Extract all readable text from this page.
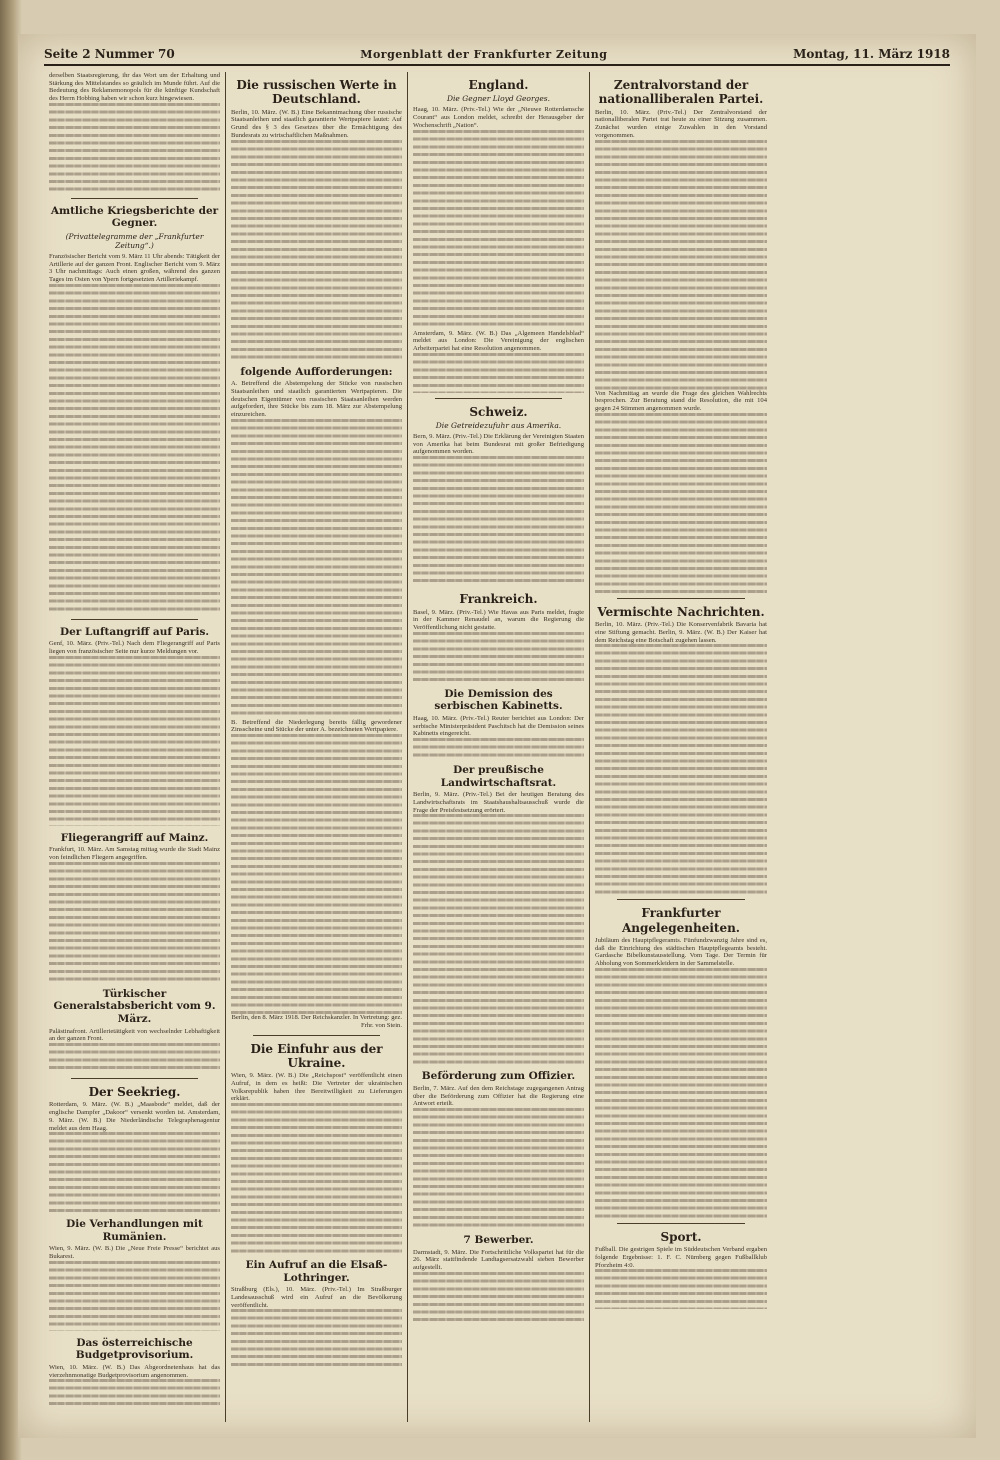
Seite 2 Nummer 70	Morgenblatt der Frankfurter Zeitung	Montag, 11. März 1918
derselben Staatsregierung, ihr das Wort um der Erhaltung und Stärkung des Mittelstandes so gräulich im Munde führt. Auf die Bedeutung des Reklamemonopols für die künftige Kundschaft des Herrn Hobbing haben wir schon kurz hingewiesen.
Amtliche Kriegsberichte der Gegner.
(Privattelegramme der „Frankfurter Zeitung“.)
Französischer Bericht vom 9. März 11 Uhr abends: Tätigkeit der Artillerie auf der ganzen Front. Englischer Bericht vom 9. März 3 Uhr nachmittags: Auch einen großen, während des ganzen Tages im Osten von Ypern fortgesetzten Artilleriekampf.
Der Luftangriff auf Paris.
Genf, 10. März. (Priv.-Tel.) Nach dem Fliegerangriff auf Paris liegen von französischer Seite nur kurze Meldungen vor.
Fliegerangriff auf Mainz.
Frankfurt, 10. März. Am Samstag mittag wurde die Stadt Mainz von feindlichen Fliegern angegriffen.
Türkischer Generalstabsbericht vom 9. März.
Palästinafront. Artillerietätigkeit von wechselnder Lebhaftigkeit an der ganzen Front.
Der Seekrieg.
Rotterdam, 9. März. (W. B.) „Maasbode“ meldet, daß der englische Dampfer „Dakoor“ versenkt worden ist. Amsterdam, 9. März. (W. B.) Die Niederländische Telegraphenagentur meldet aus dem Haag.
Die Verhandlungen mit Rumänien.
Wien, 9. März. (W. B.) Die „Neue Freie Presse“ berichtet aus Bukarest.
Das österreichische Budgetprovisorium.
Wien, 10. März. (W. B.) Das Abgeordnetenhaus hat das vierzehnmonatige Budgetprovisorium angenommen.
Die russischen Werte in Deutschland.
Berlin, 10. März. (W. B.) Eine Bekanntmachung über russische Staatsanleihen und staatlich garantierte Wertpapiere lautet: Auf Grund des § 3 des Gesetzes über die Ermächtigung des Bundesrats zu wirtschaftlichen Maßnahmen.
folgende Aufforderungen:
A. Betreffend die Abstempelung der Stücke von russischen Staatsanleihen und staatlich garantierten Wertpapieren. Die deutschen Eigentümer von russischen Staatsanleihen werden aufgefordert, ihre Stücke bis zum 18. März zur Abstempelung einzureichen.
B. Betreffend die Niederlegung bereits fällig gewordener Zinsscheine und Stücke der unter A. bezeichneten Wertpapiere.
Berlin, den 8. März 1918. Der Reichskanzler. In Vertretung: gez. Frhr. von Stein.
Die Einfuhr aus der Ukraine.
Wien, 9. März. (W. B.) Die „Reichspost“ veröffentlicht einen Aufruf, in dem es heißt: Die Vertreter der ukrainischen Volksrepublik haben ihre Bereitwilligkeit zu Lieferungen erklärt.
Ein Aufruf an die Elsaß-Lothringer.
Straßburg (Els.), 10. März. (Priv.-Tel.) Im Straßburger Landesausschuß wird ein Aufruf an die Bevölkerung veröffentlicht.
England.
Die Gegner Lloyd Georges.
Haag, 10. März. (Priv.-Tel.) Wie der „Nieuwe Rotterdamsche Courant“ aus London meldet, schreibt der Herausgeber der Wochenschrift „Nation“.
Amsterdam, 9. März. (W. B.) Das „Algemeen Handelsblad“ meldet aus London: Die Vereinigung der englischen Arbeiterpartei hat eine Resolution angenommen.
Schweiz.
Die Getreidezufuhr aus Amerika.
Bern, 9. März. (Priv.-Tel.) Die Erklärung der Vereinigten Staaten von Amerika hat beim Bundesrat mit großer Befriedigung aufgenommen worden.
Frankreich.
Basel, 9. März. (Priv.-Tel.) Wie Havas aus Paris meldet, fragte in der Kammer Renaudel an, warum die Regierung die Veröffentlichung nicht gestatte.
Die Demission des serbischen Kabinetts.
Haag, 10. März. (Priv.-Tel.) Reuter berichtet aus London: Der serbische Ministerpräsident Paschitsch hat die Demission seines Kabinetts eingereicht.
Der preußische Landwirtschaftsrat.
Berlin, 9. März. (Priv.-Tel.) Bei der heutigen Beratung des Landwirtschaftsrats im Staatshaushaltsausschuß wurde die Frage der Preisfestsetzung erörtert.
Beförderung zum Offizier.
Berlin, 7. März. Auf den dem Reichstage zugegangenen Antrag über die Beförderung zum Offizier hat die Regierung eine Antwort erteilt.
7 Bewerber.
Darmstadt, 9. März. Die Fortschrittliche Volkspartei hat für die 26. März stattfindende Landtagsersatzwahl sieben Bewerber aufgestellt.
Zentralvorstand der nationalliberalen Partei.
Berlin, 10. März. (Priv.-Tel.) Der Zentralvorstand der nationalliberalen Partei trat heute zu einer Sitzung zusammen. Zunächst wurden einige Zuwahlen in den Vorstand vorgenommen.
Von Nachmittag an wurde die Frage des gleichen Wahlrechts besprochen. Zur Beratung stand die Resolution, die mit 104 gegen 24 Stimmen angenommen wurde.
Vermischte Nachrichten.
Berlin, 10. März. (Priv.-Tel.) Die Konservenfabrik Bavaria hat eine Stiftung gemacht. Berlin, 9. März. (W. B.) Der Kaiser hat dem Reichstag eine Botschaft zugehen lassen.
Frankfurter Angelegenheiten.
Jubiläum des Hauptpflegeramts. Fünfundzwanzig Jahre sind es, daß die Einrichtung des städtischen Hauptpflegeamts besteht. Gardasche Bibelkunstausstellung. Vom Tage. Der Termin für Abholung von Sommerkleidern in der Sammelstelle.
Sport.
Fußball. Die gestrigen Spiele im Süddeutschen Verband ergaben folgende Ergebnisse: 1. F. C. Nürnberg gegen Fußballklub Pforzheim 4:0.
